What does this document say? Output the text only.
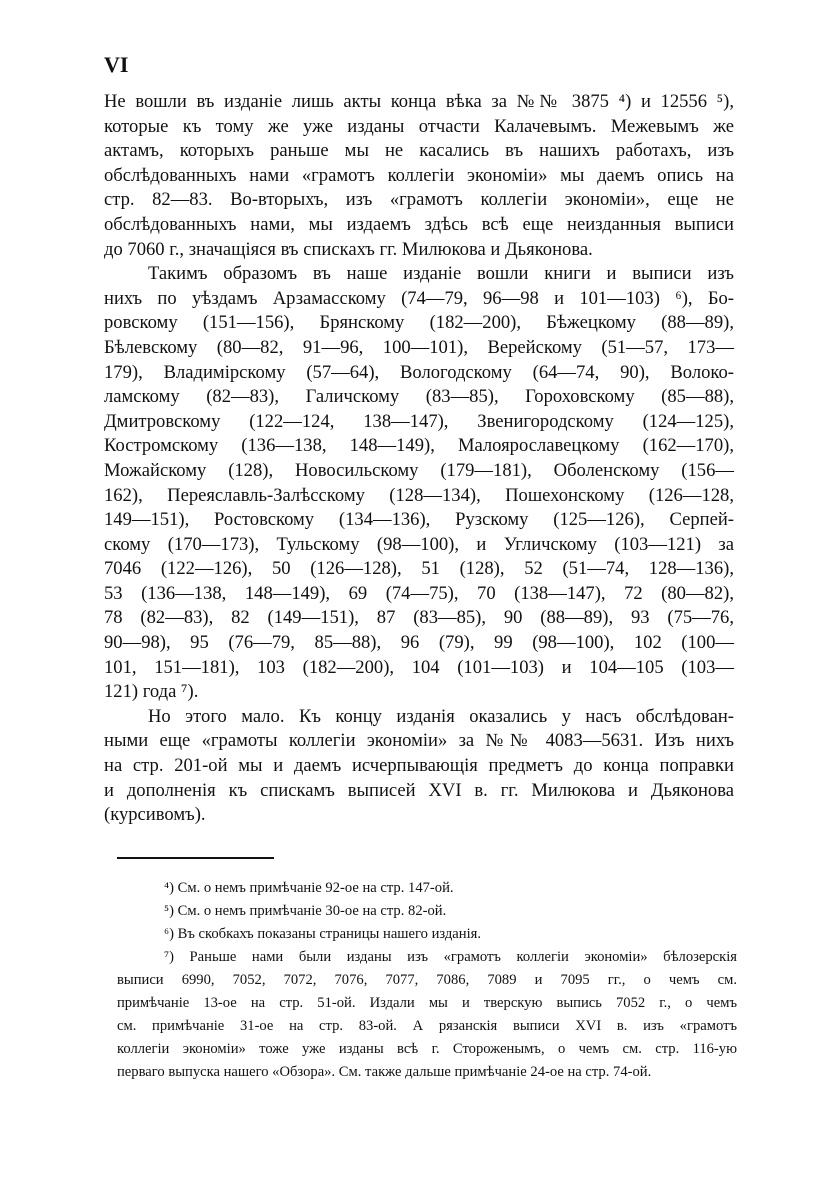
VI
Не вошли въ изданіе лишь акты конца вѣка за №№ 3875 ⁴) и 12556 ⁵),
которые къ тому же уже изданы отчасти Калачевымъ. Межевымъ же
актамъ, которыхъ раньше мы не касались въ нашихъ работахъ, изъ
обслѣдованныхъ нами «грамотъ коллегіи экономіи» мы даемъ опись на
стр. 82—83. Во-вторыхъ, изъ «грамотъ коллегіи экономіи», еще не
обслѣдованныхъ нами, мы издаемъ здѣсь всѣ еще неизданныя выписи
до 7060 г., значащіяся въ спискахъ гг. Милюкова и Дьяконова.
Такимъ образомъ въ наше изданіе вошли книги и выписи изъ
нихъ по уѣздамъ Арзамасскому (74—79, 96—98 и 101—103) ⁶), Бо-
ровскому (151—156), Брянскому (182—200), Бѣжецкому (88—89),
Бѣлевскому (80—82, 91—96, 100—101), Верейскому (51—57, 173—
179), Владимірскому (57—64), Вологодскому (64—74, 90), Волоко-
ламскому (82—83), Галичскому (83—85), Гороховскому (85—88),
Дмитровскому (122—124, 138—147), Звенигородскому (124—125),
Костромскому (136—138, 148—149), Малоярославецкому (162—170),
Можайскому (128), Новосильскому (179—181), Оболенскому (156—
162), Переяславль-Залѣсскому (128—134), Пошехонскому (126—128,
149—151), Ростовскому (134—136), Рузскому (125—126), Серпей-
скому (170—173), Тульскому (98—100), и Угличскому (103—121) за
7046 (122—126), 50 (126—128), 51 (128), 52 (51—74, 128—136),
53 (136—138, 148—149), 69 (74—75), 70 (138—147), 72 (80—82),
78 (82—83), 82 (149—151), 87 (83—85), 90 (88—89), 93 (75—76,
90—98), 95 (76—79, 85—88), 96 (79), 99 (98—100), 102 (100—
101, 151—181), 103 (182—200), 104 (101—103) и 104—105 (103—
121) года ⁷).
Но этого мало. Къ концу изданія оказались у насъ обслѣдован-
ными еще «грамоты коллегіи экономіи» за №№ 4083—5631. Изъ нихъ
на стр. 201-ой мы и даемъ исчерпывающія предметъ до конца поправки
и дополненія къ спискамъ выписей XVI в. гг. Милюкова и Дьяконова
(курсивомъ).
⁴) См. о немъ примѣчаніе 92-ое на стр. 147-ой.
⁵) См. о немъ примѣчаніе 30-ое на стр. 82-ой.
⁶) Въ скобкахъ показаны страницы нашего изданія.
⁷) Раньше нами были изданы изъ «грамотъ коллегіи экономіи» бѣлозерскія
выписи 6990, 7052, 7072, 7076, 7077, 7086, 7089 и 7095 гг., о чемъ см.
примѣчаніе 13-ое на стр. 51-ой. Издали мы и тверскую выпись 7052 г., о чемъ
см. примѣчаніе 31-ое на стр. 83-ой. А рязанскія выписи XVI в. изъ «грамотъ
коллегіи экономіи» тоже уже изданы всѣ г. Стороженымъ, о чемъ см. стр. 116-ую
перваго выпуска нашего «Обзора». См. также дальше примѣчаніе 24-ое на стр. 74-ой.
